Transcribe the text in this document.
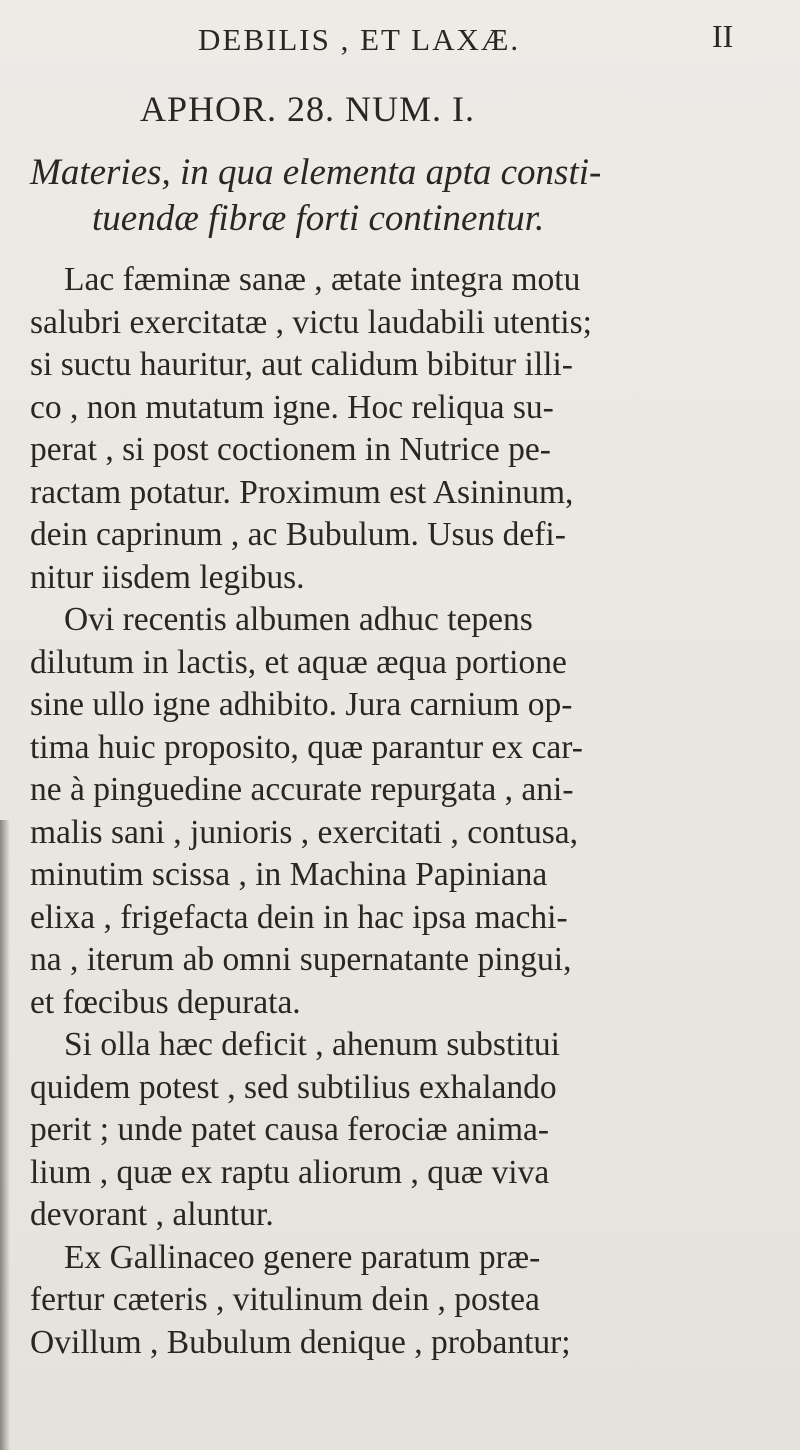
DEBILIS , ET LAXÆ.	II
APHOR. 28. NUM. I.
Materies, in qua elementa apta consti-
tuendæ fibræ forti continentur.
Lac fæminæ sanæ , ætate integra motu
salubri exercitatæ , victu laudabili utentis;
si suctu hauritur, aut calidum bibitur illi-
co , non mutatum igne. Hoc reliqua su-
perat , si post coctionem in Nutrice pe-
ractam potatur. Proximum est Asininum,
dein caprinum , ac Bubulum. Usus defi-
nitur iisdem legibus.
Ovi recentis albumen adhuc tepens
dilutum in lactis, et aquæ æqua portione
sine ullo igne adhibito. Jura carnium op-
tima huic proposito, quæ parantur ex car-
ne à pinguedine accurate repurgata , ani-
malis sani , junioris , exercitati , contusa,
minutim scissa , in Machina Papiniana
elixa , frigefacta dein in hac ipsa machi-
na , iterum ab omni supernatante pingui,
et fœcibus depurata.
Si olla hæc deficit , ahenum substitui
quidem potest , sed subtilius exhalando
perit ; unde patet causa ferociæ anima-
lium , quæ ex raptu aliorum , quæ viva
devorant , aluntur.
Ex Gallinaceo genere paratum præ-
fertur cæteris , vitulinum dein , postea
Ovillum , Bubulum denique , probantur;
